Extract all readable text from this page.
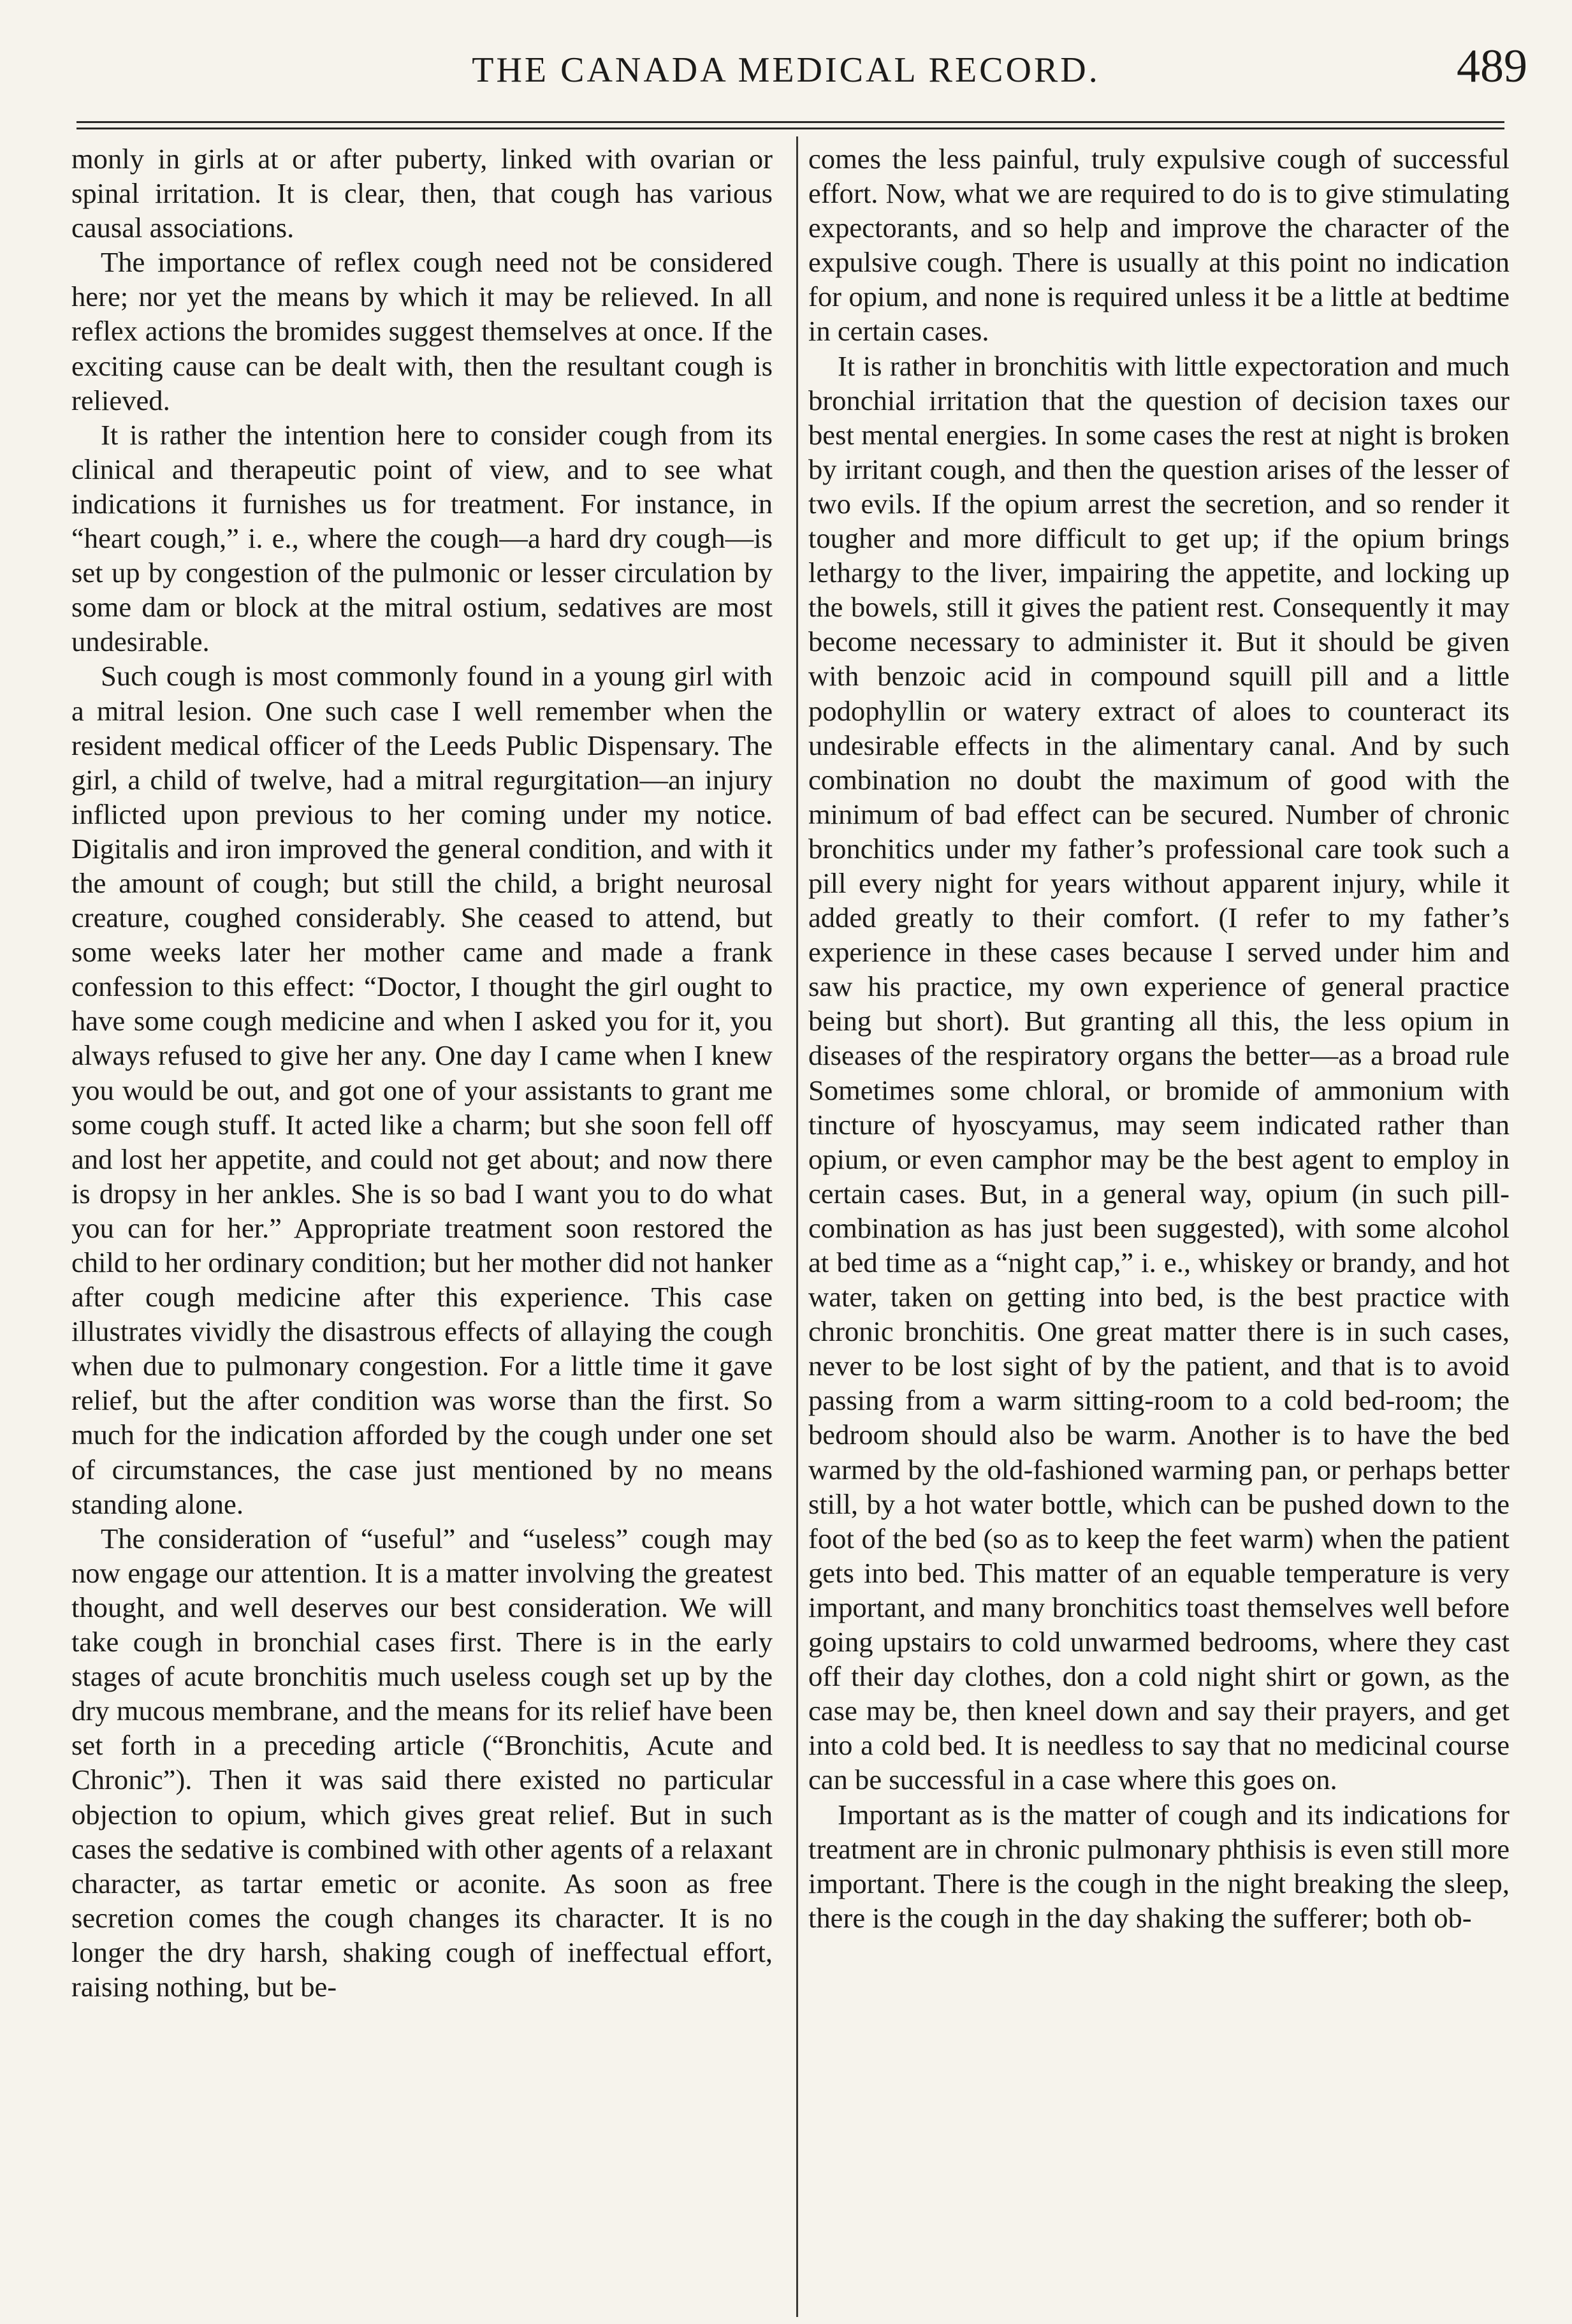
THE CANADA MEDICAL RECORD.	489

monly in girls at or after puberty, linked with ovarian or spinal irritation. It is clear, then, that cough has various causal associations.

The importance of reflex cough need not be considered here; nor yet the means by which it may be relieved. In all reflex actions the bromides suggest themselves at once. If the exciting cause can be dealt with, then the resultant cough is relieved.

It is rather the intention here to consider cough from its clinical and therapeutic point of view, and to see what indications it furnishes us for treatment. For instance, in “heart cough,” i. e., where the cough—a hard dry cough—is set up by congestion of the pulmonic or lesser circulation by some dam or block at the mitral ostium, sedatives are most undesirable.

Such cough is most commonly found in a young girl with a mitral lesion. One such case I well remember when the resident medical officer of the Leeds Public Dispensary. The girl, a child of twelve, had a mitral regurgitation—an injury inflicted upon previous to her coming under my notice. Digitalis and iron improved the general condition, and with it the amount of cough; but still the child, a bright neurosal creature, coughed considerably. She ceased to attend, but some weeks later her mother came and made a frank confession to this effect: “Doctor, I thought the girl ought to have some cough medicine and when I asked you for it, you always refused to give her any. One day I came when I knew you would be out, and got one of your assistants to grant me some cough stuff. It acted like a charm; but she soon fell off and lost her appetite, and could not get about; and now there is dropsy in her ankles. She is so bad I want you to do what you can for her.” Appropriate treatment soon restored the child to her ordinary condition; but her mother did not hanker after cough medicine after this experience. This case illustrates vividly the disastrous effects of allaying the cough when due to pulmonary congestion. For a little time it gave relief, but the after condition was worse than the first. So much for the indication afforded by the cough under one set of circumstances, the case just mentioned by no means standing alone.

The consideration of “useful” and “useless” cough may now engage our attention. It is a matter involving the greatest thought, and well deserves our best consideration. We will take cough in bronchial cases first. There is in the early stages of acute bronchitis much useless cough set up by the dry mucous membrane, and the means for its relief have been set forth in a preceding article (“Bronchitis, Acute and Chronic”). Then it was said there existed no particular objection to opium, which gives great relief. But in such cases the sedative is combined with other agents of a relaxant character, as tartar emetic or aconite. As soon as free secretion comes the cough changes its character. It is no longer the dry harsh, shaking cough of ineffectual effort, raising nothing, but be-

comes the less painful, truly expulsive cough of successful effort. Now, what we are required to do is to give stimulating expectorants, and so help and improve the character of the expulsive cough. There is usually at this point no indication for opium, and none is required unless it be a little at bedtime in certain cases.

It is rather in bronchitis with little expectoration and much bronchial irritation that the question of decision taxes our best mental energies. In some cases the rest at night is broken by irritant cough, and then the question arises of the lesser of two evils. If the opium arrest the secretion, and so render it tougher and more difficult to get up; if the opium brings lethargy to the liver, impairing the appetite, and locking up the bowels, still it gives the patient rest. Consequently it may become necessary to administer it. But it should be given with benzoic acid in compound squill pill and a little podophyllin or watery extract of aloes to counteract its undesirable effects in the alimentary canal. And by such combination no doubt the maximum of good with the minimum of bad effect can be secured. Number of chronic bronchitics under my father’s professional care took such a pill every night for years without apparent injury, while it added greatly to their comfort. (I refer to my father’s experience in these cases because I served under him and saw his practice, my own experience of general practice being but short). But granting all this, the less opium in diseases of the respiratory organs the better—as a broad rule Sometimes some chloral, or bromide of ammonium with tincture of hyoscyamus, may seem indicated rather than opium, or even camphor may be the best agent to employ in certain cases. But, in a general way, opium (in such pill-combination as has just been suggested), with some alcohol at bed time as a “night cap,” i. e., whiskey or brandy, and hot water, taken on getting into bed, is the best practice with chronic bronchitis. One great matter there is in such cases, never to be lost sight of by the patient, and that is to avoid passing from a warm sitting-room to a cold bed-room; the bedroom should also be warm. Another is to have the bed warmed by the old-fashioned warming pan, or perhaps better still, by a hot water bottle, which can be pushed down to the foot of the bed (so as to keep the feet warm) when the patient gets into bed. This matter of an equable temperature is very important, and many bronchitics toast themselves well before going upstairs to cold unwarmed bedrooms, where they cast off their day clothes, don a cold night shirt or gown, as the case may be, then kneel down and say their prayers, and get into a cold bed. It is needless to say that no medicinal course can be successful in a case where this goes on.

Important as is the matter of cough and its indications for treatment are in chronic pulmonary phthisis is even still more important. There is the cough in the night breaking the sleep, there is the cough in the day shaking the sufferer; both ob-
